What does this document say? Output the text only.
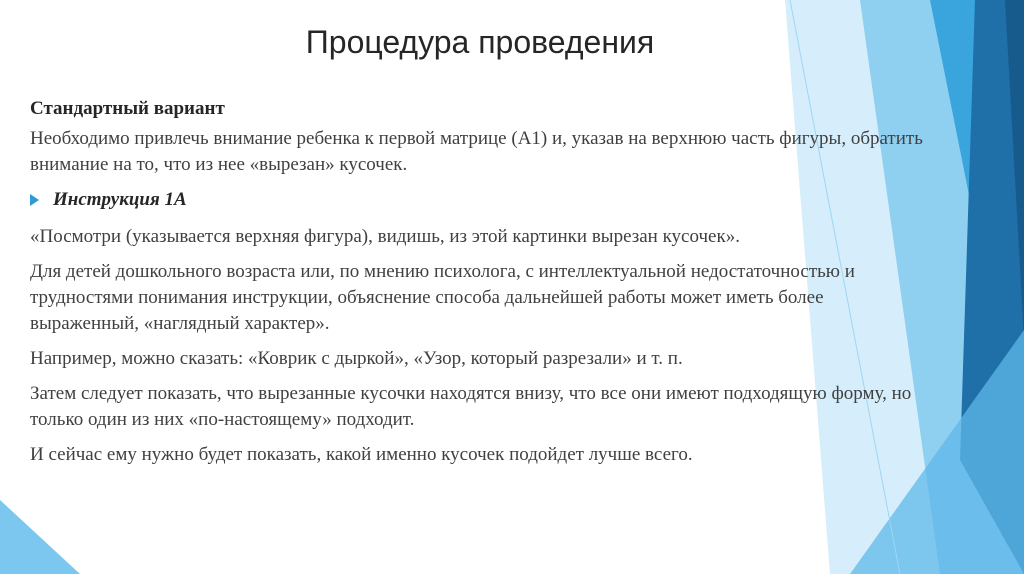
Процедура проведения

Стандартный вариант

Необходимо привлечь внимание ребенка к первой матрице (А1) и, указав на верхнюю часть фигуры, обратить внимание на то, что из нее «вырезан» кусочек.

Инструкция 1А

«Посмотри (указывается верхняя фигура), видишь, из этой картинки вырезан кусочек».

Для детей дошкольного возраста или, по мнению психолога, с интеллектуальной недостаточностью и трудностями понимания инструкции, объяснение способа дальнейшей работы может иметь более выраженный, «наглядный характер».

Например, можно сказать: «Коврик с дыркой», «Узор, который разрезали» и т. п.

Затем следует показать, что вырезанные кусочки находятся внизу, что все они имеют подходящую форму, но только один из них «по-настоящему» подходит.

И сейчас ему нужно будет показать, какой именно кусочек подойдет лучше всего.
